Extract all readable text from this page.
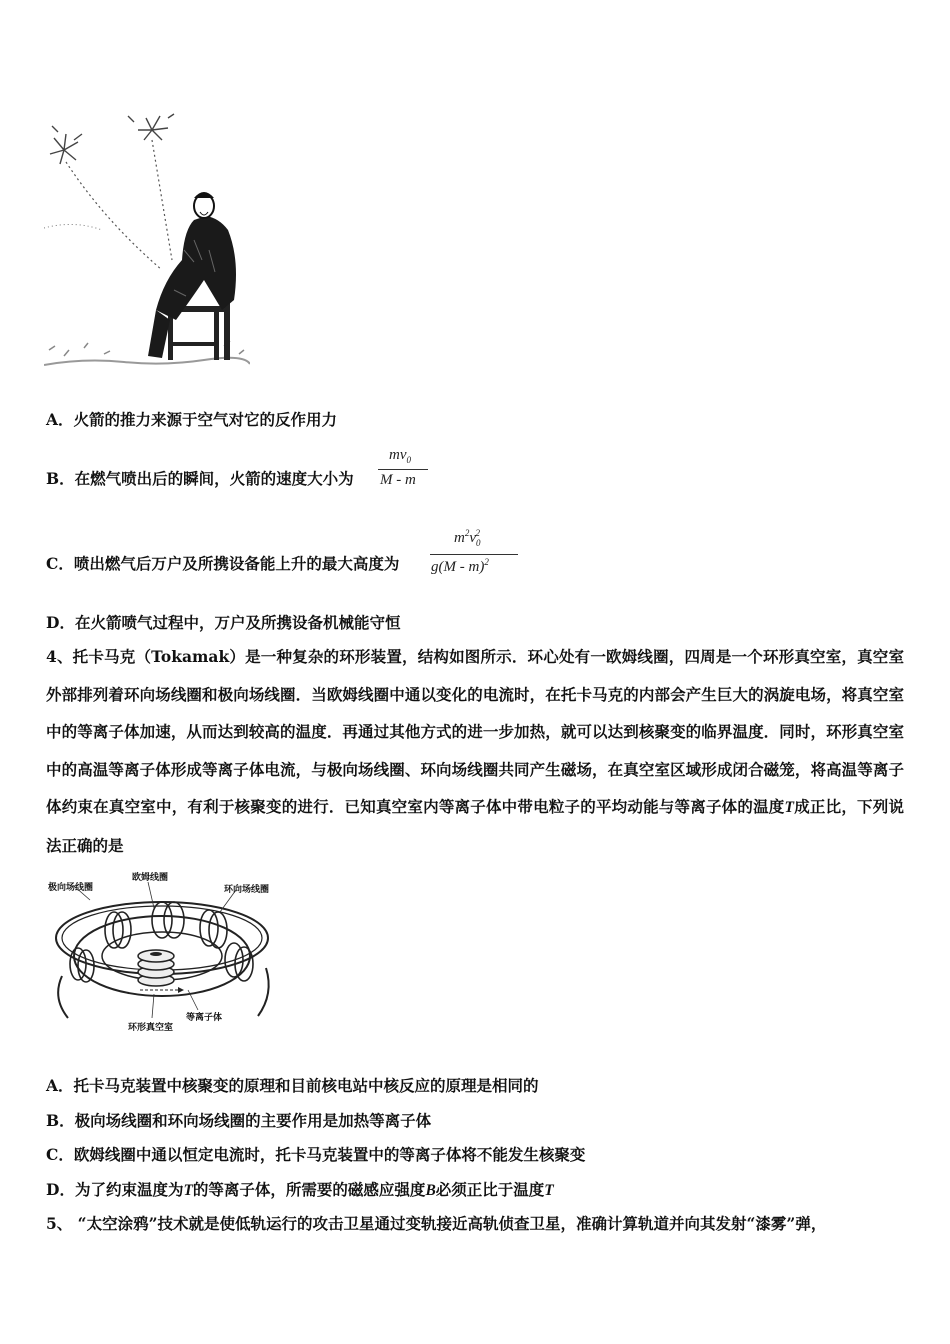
A．火箭的推力来源于空气对它的反作用力
B．在燃气喷出后的瞬间，火箭的速度大小为
$mv_0$
M - m
C．喷出燃气后万户及所携设备能上升的最大高度为
$m^2v_0^2$
g(M - m)$^2$
D．在火箭喷气过程中，万户及所携设备机械能守恒
4、托卡马克（Tokamak）是一种复杂的环形装置，结构如图所示．环心处有一欧姆线圈，四周是一个环形真空室，真空室外部排列着环向场线圈和极向场线圈．当欧姆线圈中通以变化的电流时，在托卡马克的内部会产生巨大的涡旋电场，将真空室中的等离子体加速，从而达到较高的温度．再通过其他方式的进一步加热，就可以达到核聚变的临界温度．同时，环形真空室中的高温等离子体形成等离子体电流，与极向场线圈、环向场线圈共同产生磁场，在真空室区域形成闭合磁笼，将高温等离子体约束在真空室中，有利于核聚变的进行．已知真空室内等离子体中带电粒子的平均动能与等离子体的温度T成正比，下列说法正确的是
极向场线圈
欧姆线圈
环向场线圈
等离子体
环形真空室
A．托卡马克装置中核聚变的原理和目前核电站中核反应的原理是相同的
B．极向场线圈和环向场线圈的主要作用是加热等离子体
C．欧姆线圈中通以恒定电流时，托卡马克装置中的等离子体将不能发生核聚变
D．为了约束温度为T的等离子体，所需要的磁感应强度B必须正比于温度T
5、 “太空涂鸦”技术就是使低轨运行的攻击卫星通过变轨接近高轨侦查卫星，准确计算轨道并向其发射“漆雾”弹，
